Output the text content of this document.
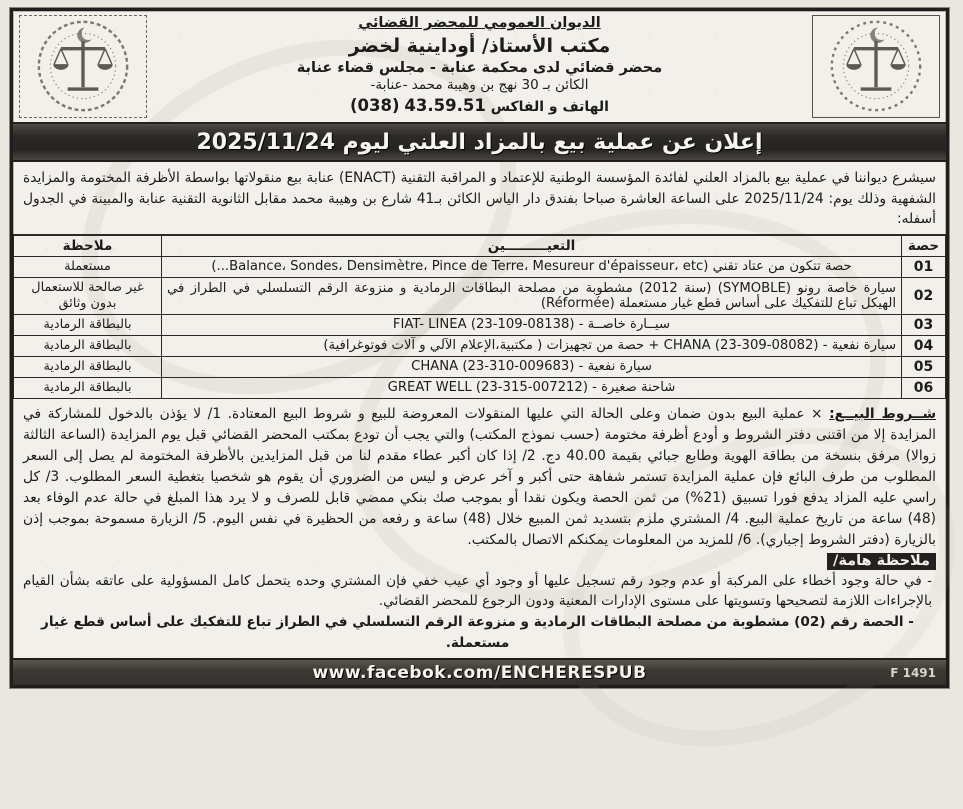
الديوان العمومي للمحضر القضائي
مكتب الأستاذ/ أوداينية لخضر
محضر قضائي لدى محكمة عنابة - مجلس قضاء عنابة
الكائن بـ 30 نهج بن وهيبة محمد -عنابة-
الهاتف و الفاكس 43.59.51 (038)
إعلان عن عملية بيع بالمزاد العلني ليوم 2025/11/24
سيشرع ديواننا في عملية بيع بالمزاد العلني لفائدة المؤسسة الوطنية للإعتماد و المراقبة التقنية (ENACT) عنابة بيع منقولاتها بواسطة الأظرفة المختومة والمزايدة الشفهية وذلك يوم: 2025/11/24 على الساعة العاشرة صباحا بفندق دار الياس الكائن بـ41 شارع بن وهيبة محمد مقابل الثانوية التقنية عنابة والمبينة في الجدول أسفله:
حصة	التعيـــــــــين	ملاحظة
01	حصة تتكون من عتاد تقني (Balance، Sondes، Densimètre، Pince de Terre، Mesureur d'épaisseur، etc...)	مستعملة
02	سيارة خاصة رونو (SYMOBLE) (سنة 2012) مشطوبة من مصلحة البطاقات الرمادية و منزوعة الرقم التسلسلي في الطراز في الهيكل تباع للتفكيك على أساس قطع غيار مستعملة (Réformée)	غير صالحة للاستعمال بدون وثائق
03	سيــارة خاصــة - FIAT- LINEA (23-109-08138)	بالبطاقة الرمادية
04	سيارة نفعية - CHANA (23-309-08082) + حصة من تجهيزات ( مكتبية،الإعلام الآلي و آلات فوتوغرافية)	بالبطاقة الرمادية
05	سيارة نفعية - CHANA (23-310-009683)	بالبطاقة الرمادية
06	شاحنة صغيرة - GREAT WELL (23-315-007212)	بالبطاقة الرمادية
شــروط البيــع: × عملية البيع بدون ضمان وعلى الحالة التي عليها المنقولات المعروضة للبيع و شروط البيع المعتادة. 1/ لا يؤذن بالدخول للمشاركة في المزايدة إلا من اقتنى دفتر الشروط و أودع أظرفة مختومة (حسب نموذج المكتب) والتي يجب أن تودع بمكتب المحضر القضائي قبل يوم المزايدة (الساعة الثالثة زوالا) مرفق بنسخة من بطاقة الهوية وطابع جبائي بقيمة 40.00 دج. 2/ إذا كان أكبر عطاء مقدم لنا من قبل المزايدين بالأظرفة المختومة لم يصل إلى السعر المطلوب من طرف البائع فإن عملية المزايدة تستمر شفاهة حتى أكبر و آخر عرض و ليس من الضروري أن يقوم هو شخصيا بتغطية السعر المطلوب. 3/ كل راسي عليه المزاد يدفع فورا تسبيق (21%) من ثمن الحصة ويكون نقدا أو بموجب صك بنكي ممضي قابل للصرف و لا يرد هذا المبلغ في حالة عدم الوفاء بعد (48) ساعة من تاريخ عملية البيع. 4/ المشتري ملزم بتسديد ثمن المبيع خلال (48) ساعة و رفعه من الحظيرة في نفس اليوم. 5/ الزيارة مسموحة بموجب إذن بالزيارة (دفتر الشروط إجباري). 6/ للمزيد من المعلومات يمكنكم الاتصال بالمكتب.
ملاحظة هامة/
- في حالة وجود أخطاء على المركبة أو عدم وجود رقم تسجيل عليها أو وجود أي عيب خفي فإن المشتري وحده يتحمل كامل المسؤولية على عاتقه بشأن القيام بالإجراءات اللازمة لتصحيحها وتسويتها على مستوى الإدارات المعنية ودون الرجوع للمحضر القضائي.
- الحصة رقم (02) مشطوبة من مصلحة البطاقات الرمادية و منزوعة الرقم التسلسلي في الطراز تباع للتفكيك على أساس قطع غيار مستعملة.
F 1491
www.facebok.com/ENCHERESPUB
